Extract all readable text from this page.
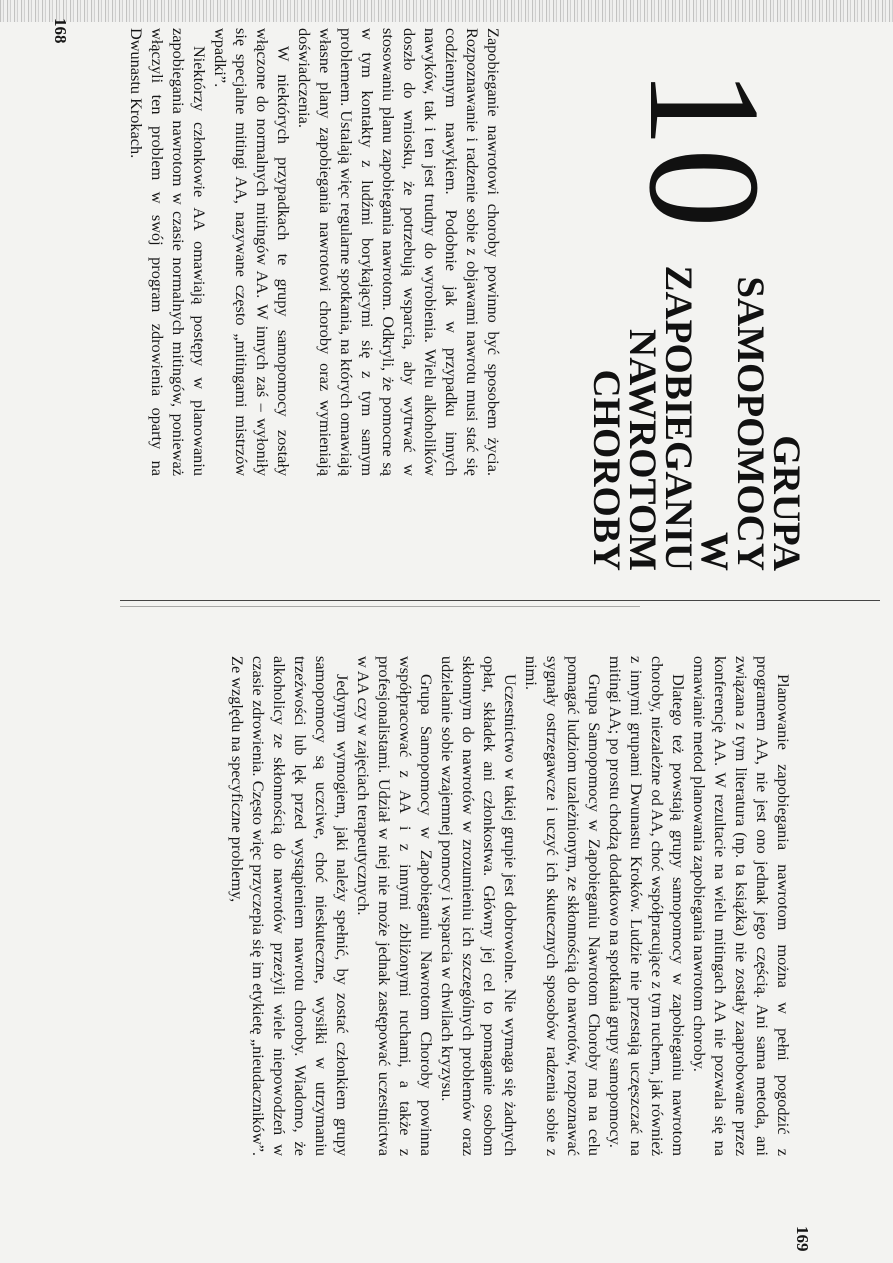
10
GRUPA
SAMOPOMOCY
W ZAPOBIEGANIU
NAWROTOM
CHOROBY

Zapobieganie nawrotowi choroby powinno być sposobem życia. Rozpoznawanie i radzenie sobie z objawami nawrotu musi stać się codziennym nawykiem. Podobnie jak w przypadku innych nawyków, tak i ten jest trudny do wyrobienia. Wielu alkoholików doszło do wniosku, że potrzebują wsparcia, aby wytrwać w stosowaniu planu zapobiegania nawrotom. Odkryli, że pomocne są w tym kontakty z ludźmi borykającymi się z tym samym problemem. Ustalają więc regularne spotkania, na których omawiają własne plany zapobiegania nawrotowi choroby oraz wymieniają doświadczenia.

W niektórych przypadkach te grupy samopomocy zostały włączone do normalnych mitingów AA. W innych zaś – wyłoniły się specjalne mitingi AA, nazywane często „mitingami mistrzów wpadki”.

Niektórzy członkowie AA omawiają postępy w planowaniu zapobiegania nawrotom w czasie normalnych mitingów, ponieważ włączyli ten problem w swój program zdrowienia oparty na Dwunastu Krokach.

168

Planowanie zapobiegania nawrotom można w pełni pogodzić z programem AA, nie jest ono jednak jego częścią. Ani sama metoda, ani związana z tym literatura (np. ta książka) nie zostały zaaprobowane przez konferencję AA. W rezultacie na wielu mitingach AA nie pozwala się na omawianie metod planowania zapobiegania nawrotom choroby.

Dlatego też powstają grupy samopomocy w zapobieganiu nawrotom choroby, niezależne od AA, choć współpracujące z tym ruchem, jak również z innymi grupami Dwunastu Kroków. Ludzie nie przestają uczęszczać na mitingi AA; po prostu chodzą dodatkowo na spotkania grupy samopomocy.

Grupa Samopomocy w Zapobieganiu Nawrotom Choroby ma na celu pomagać ludziom uzależnionym, ze skłonnością do nawrotów, rozpoznawać sygnały ostrzegawcze i uczyć ich skutecznych sposobów radzenia sobie z nimi.

Uczestnictwo w takiej grupie jest dobrowolne. Nie wymaga się żadnych opłat, składek ani członkostwa. Główny jej cel to pomaganie osobom skłonnym do nawrotów w zrozumieniu ich szczególnych problemów oraz udzielanie sobie wzajemnej pomocy i wsparcia w chwilach kryzysu.

Grupa Samopomocy w Zapobieganiu Nawrotom Choroby powinna współpracować z AA i z innymi zbliżonymi ruchami, a także z profesjonalistami. Udział w niej nie może jednak zastępować uczestnictwa w AA czy w zajęciach terapeutycznych.

Jedynym wymogiem, jaki należy spełnić, by zostać członkiem grupy samopomocy są uczciwe, choć nieskuteczne, wysiłki w utrzymaniu trzeźwości lub lęk przed wystąpieniem nawrotu choroby. Wiadomo, że alkoholicy ze skłonnością do nawrotów przeżyli wiele niepowodzeń w czasie zdrowienia. Często więc przyczepia się im etykietę „nieudaczników”. Ze względu na specyficzne problemy,

169
